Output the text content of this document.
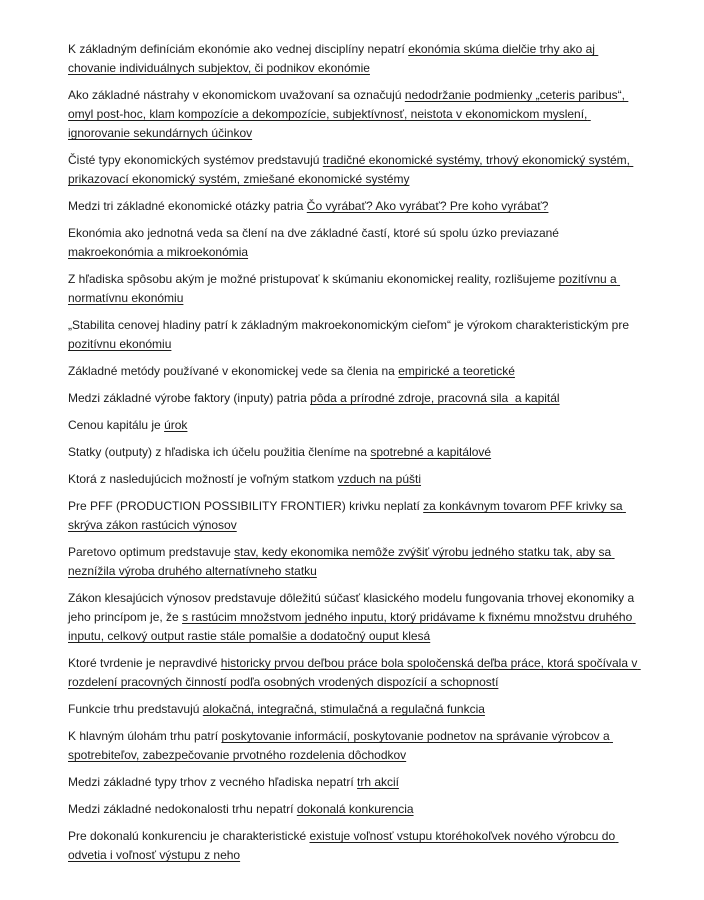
K základným definíciám ekonómie ako vednej disciplíny nepatrí ekonómia skúma dielčie trhy ako aj chovanie individuálnych subjektov, či podnikov ekonómie

Ako základné nástrahy v ekonomickom uvažovaní sa označujú nedodržanie podmienky „ceteris paribus“, omyl post-hoc, klam kompozície a dekompozície, subjektívnosť, neistota v ekonomickom myslení, ignorovanie sekundárnych účinkov

Čisté typy ekonomických systémov predstavujú tradičné ekonomické systémy, trhový ekonomický systém, prikazovací ekonomický systém, zmiešané ekonomické systémy

Medzi tri základné ekonomické otázky patria Čo vyrábať? Ako vyrábať? Pre koho vyrábať?

Ekonómia ako jednotná veda sa člení na dve základné častí, ktoré sú spolu úzko previazané makroekonómia a mikroekonómia

Z hľadiska spôsobu akým je možné pristupovať k skúmaniu ekonomickej reality, rozlišujeme pozitívnu a normatívnu ekonómiu

„Stabilita cenovej hladiny patrí k základným makroekonomickým cieľom“ je výrokom charakteristickým pre pozitívnu ekonómiu

Základné metódy používané v ekonomickej vede sa členia na empirické a teoretické

Medzi základné výrobe faktory (inputy) patria pôda a prírodné zdroje, pracovná sila  a kapitál

Cenou kapitálu je úrok

Statky (outputy) z hľadiska ich účelu použitia členíme na spotrebné a kapitálové

Ktorá z nasledujúcich možností je voľným statkom vzduch na púšti

Pre PFF (PRODUCTION POSSIBILITY FRONTIER) krivku neplatí za konkávnym tovarom PFF krivky sa skrýva zákon rastúcich výnosov

Paretovo optimum predstavuje stav, kedy ekonomika nemôže zvýšiť výrobu jedného statku tak, aby sa neznížila výroba druhého alternatívneho statku

Zákon klesajúcich výnosov predstavuje dôležitú súčasť klasického modelu fungovania trhovej ekonomiky a jeho princípom je, že s rastúcim množstvom jedného inputu, ktorý pridávame k fixnému množstvu druhého inputu, celkový output rastie stále pomalšie a dodatočný ouput klesá

Ktoré tvrdenie je nepravdivé historicky prvou deľbou práce bola spoločenská deľba práce, ktorá spočívala v rozdelení pracovných činností podľa osobných vrodených dispozícií a schopností

Funkcie trhu predstavujú alokačná, integračná, stimulačná a regulačná funkcia

K hlavným úlohám trhu patrí poskytovanie informácií, poskytovanie podnetov na správanie výrobcov a spotrebiteľov, zabezpečovanie prvotného rozdelenia dôchodkov

Medzi základné typy trhov z vecného hľadiska nepatrí trh akcií

Medzi základné nedokonalosti trhu nepatrí dokonalá konkurencia

Pre dokonalú konkurenciu je charakteristické existuje voľnosť vstupu ktoréhokoľvek nového výrobcu do odvetia i voľnosť výstupu z neho
